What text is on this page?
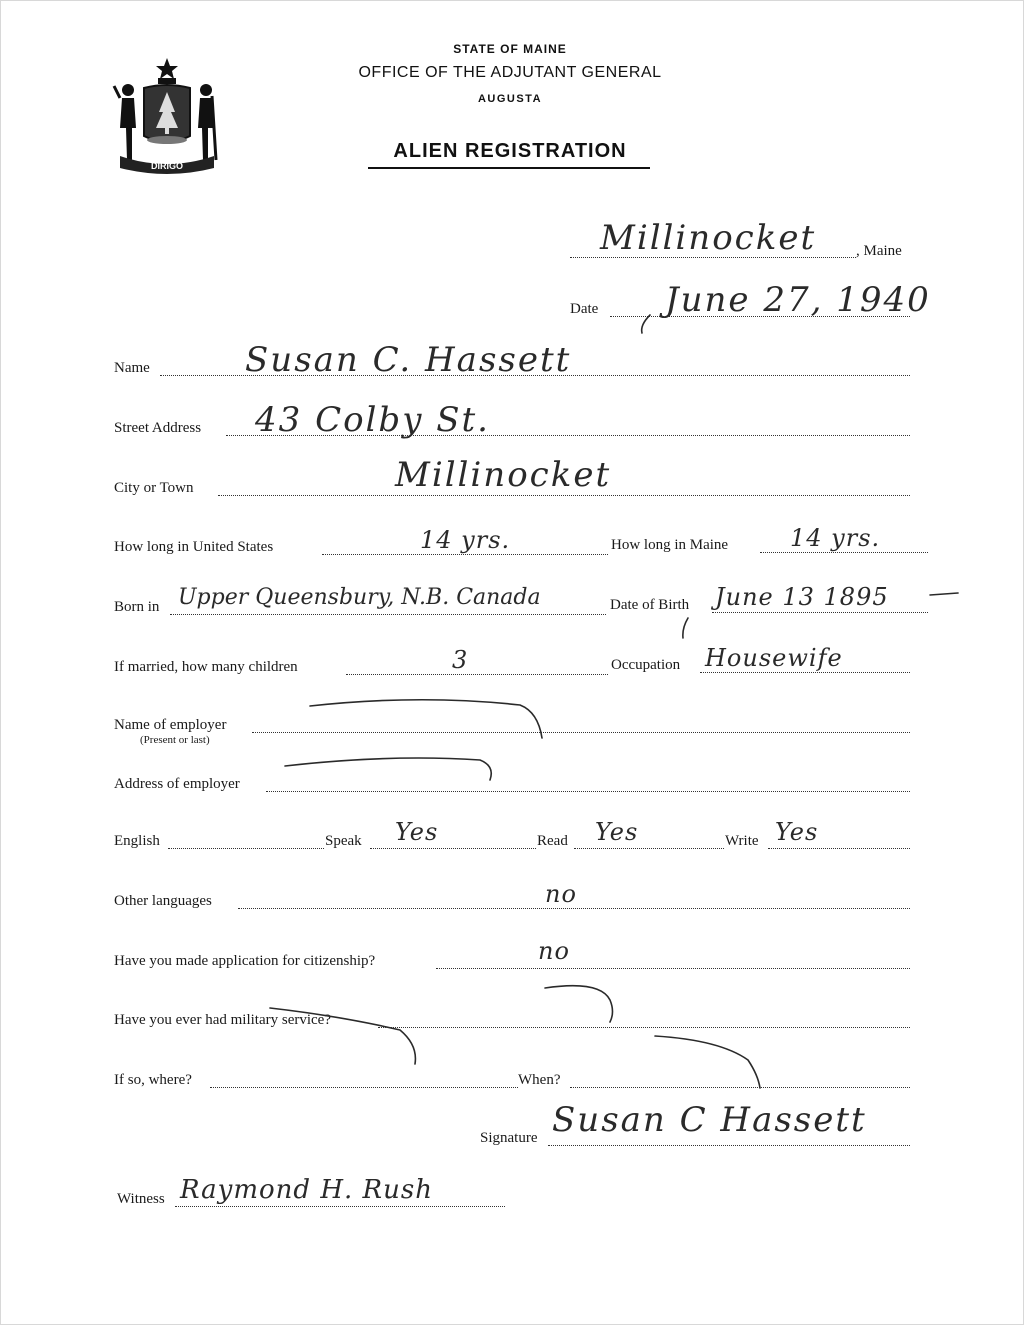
DIRIGO
STATE OF MAINE
OFFICE OF THE ADJUTANT GENERAL
AUGUSTA
ALIEN REGISTRATION
Millinocket	, Maine
Date June 27, 1940
Name	Susan C. Hassett
Street Address 43 Colby St.
City or Town	Millinocket
How long in United States	14 yrs.	How long in Maine	14 yrs.
Born in Upper Queensbury, N.B. Canada	Date of Birth June 13 1895
If married, how many children	3	Occupation Housewife
Name of employer
(Present or last)
Address of employer
English	Speak Yes	Read Yes	Write Yes
Other languages	no
Have you made application for citizenship?	no
Have you ever had military service?
If so, where?	When?
Signature Susan C Hassett
Witness Raymond H. Rush
